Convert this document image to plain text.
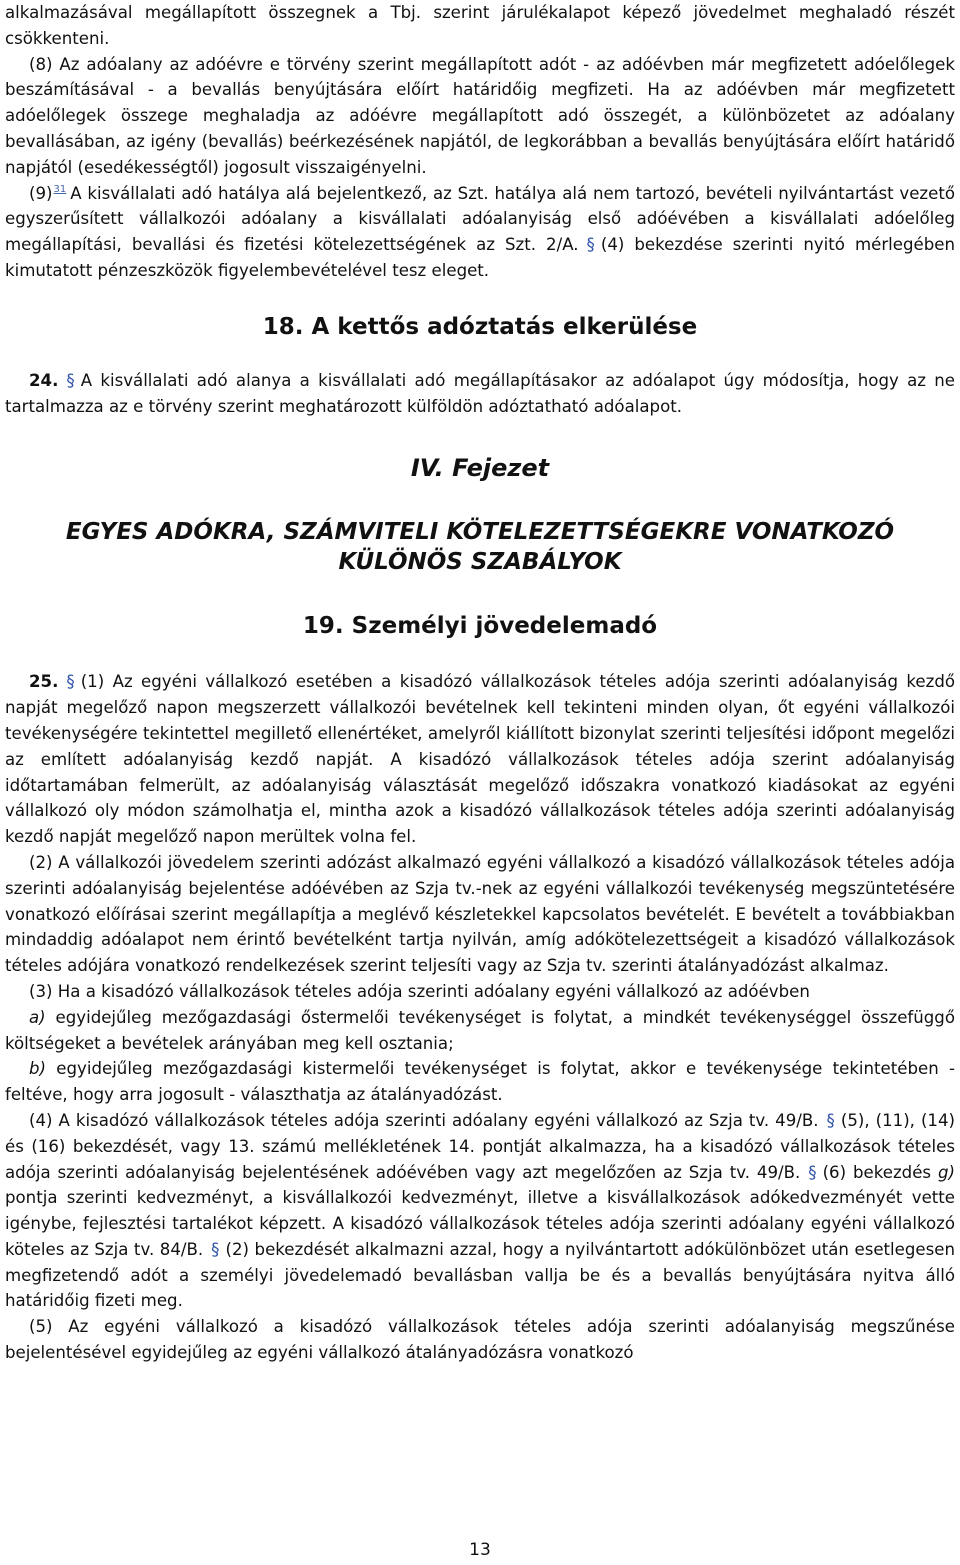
alkalmazásával megállapított összegnek a Tbj. szerint járulékalapot képező jövedelmet meghaladó részét csökkenteni.

(8) Az adóalany az adóévre e törvény szerint megállapított adót - az adóévben már megfizetett adóelőlegek beszámításával - a bevallás benyújtására előírt határidőig megfizeti. Ha az adóévben már megfizetett adóelőlegek összege meghaladja az adóévre megállapított adó összegét, a különbözetet az adóalany bevallásában, az igény (bevallás) beérkezésének napjától, de legkorábban a bevallás benyújtására előírt határidő napjától (esedékességtől) jogosult visszaigényelni.

$(9)^{31}$ A kisvállalati adó hatálya alá bejelentkező, az Szt. hatálya alá nem tartozó, bevételi nyilvántartást vezető egyszerűsített vállalkozói adóalany a kisvállalati adóalanyiság első adóévében a kisvállalati adóelőleg megállapítási, bevallási és fizetési kötelezettségének az Szt. 2/A. § (4) bekezdése szerinti nyitó mérlegében kimutatott pénzeszközök figyelembevételével tesz eleget.

18. A kettős adóztatás elkerülése

24. § A kisvállalati adó alanya a kisvállalati adó megállapításakor az adóalapot úgy módosítja, hogy az ne tartalmazza az e törvény szerint meghatározott külföldön adóztatható adóalapot.

IV. Fejezet
EGYES ADÓKRA, SZÁMVITELI KÖTELEZETTSÉGEKRE VONATKOZÓ
KÜLÖNÖS SZABÁLYOK
19. Személyi jövedelemadó

25. § (1) Az egyéni vállalkozó esetében a kisadózó vállalkozások tételes adója szerinti adóalanyiság kezdő napját megelőző napon megszerzett vállalkozói bevételnek kell tekinteni minden olyan, őt egyéni vállalkozói tevékenységére tekintettel megillető ellenértéket, amelyről kiállított bizonylat szerinti teljesítési időpont megelőzi az említett adóalanyiság kezdő napját. A kisadózó vállalkozások tételes adója szerint adóalanyiság időtartamában felmerült, az adóalanyiság választását megelőző időszakra vonatkozó kiadásokat az egyéni vállalkozó oly módon számolhatja el, mintha azok a kisadózó vállalkozások tételes adója szerinti adóalanyiság kezdő napját megelőző napon merültek volna fel.

(2) A vállalkozói jövedelem szerinti adózást alkalmazó egyéni vállalkozó a kisadózó vállalkozások tételes adója szerinti adóalanyiság bejelentése adóévében az Szja tv.-nek az egyéni vállalkozói tevékenység megszüntetésére vonatkozó előírásai szerint megállapítja a meglévő készletekkel kapcsolatos bevételét. E bevételt a továbbiakban mindaddig adóalapot nem érintő bevételként tartja nyilván, amíg adókötelezettségeit a kisadózó vállalkozások tételes adójára vonatkozó rendelkezések szerint teljesíti vagy az Szja tv. szerinti átalányadózást alkalmaz.

(3) Ha a kisadózó vállalkozások tételes adója szerinti adóalany egyéni vállalkozó az adóévben

a) egyidejűleg mezőgazdasági őstermelői tevékenységet is folytat, a mindkét tevékenységgel összefüggő költségeket a bevételek arányában meg kell osztania;

b) egyidejűleg mezőgazdasági kistermelői tevékenységet is folytat, akkor e tevékenysége tekintetében - feltéve, hogy arra jogosult - választhatja az átalányadózást.

(4) A kisadózó vállalkozások tételes adója szerinti adóalany egyéni vállalkozó az Szja tv. 49/B. § (5), (11), (14) és (16) bekezdését, vagy 13. számú mellékletének 14. pontját alkalmazza, ha a kisadózó vállalkozások tételes adója szerinti adóalanyiság bejelentésének adóévében vagy azt megelőzően az Szja tv. 49/B. § (6) bekezdés g) pontja szerinti kedvezményt, a kisvállalkozói kedvezményt, illetve a kisvállalkozások adókedvezményét vette igénybe, fejlesztési tartalékot képzett. A kisadózó vállalkozások tételes adója szerinti adóalany egyéni vállalkozó köteles az Szja tv. 84/B. § (2) bekezdését alkalmazni azzal, hogy a nyilvántartott adókülönbözet után esetlegesen megfizetendő adót a személyi jövedelemadó bevallásban vallja be és a bevallás benyújtására nyitva álló határidőig fizeti meg.

(5) Az egyéni vállalkozó a kisadózó vállalkozások tételes adója szerinti adóalanyiság megszűnése bejelentésével egyidejűleg az egyéni vállalkozó átalányadózásra vonatkozó

13
